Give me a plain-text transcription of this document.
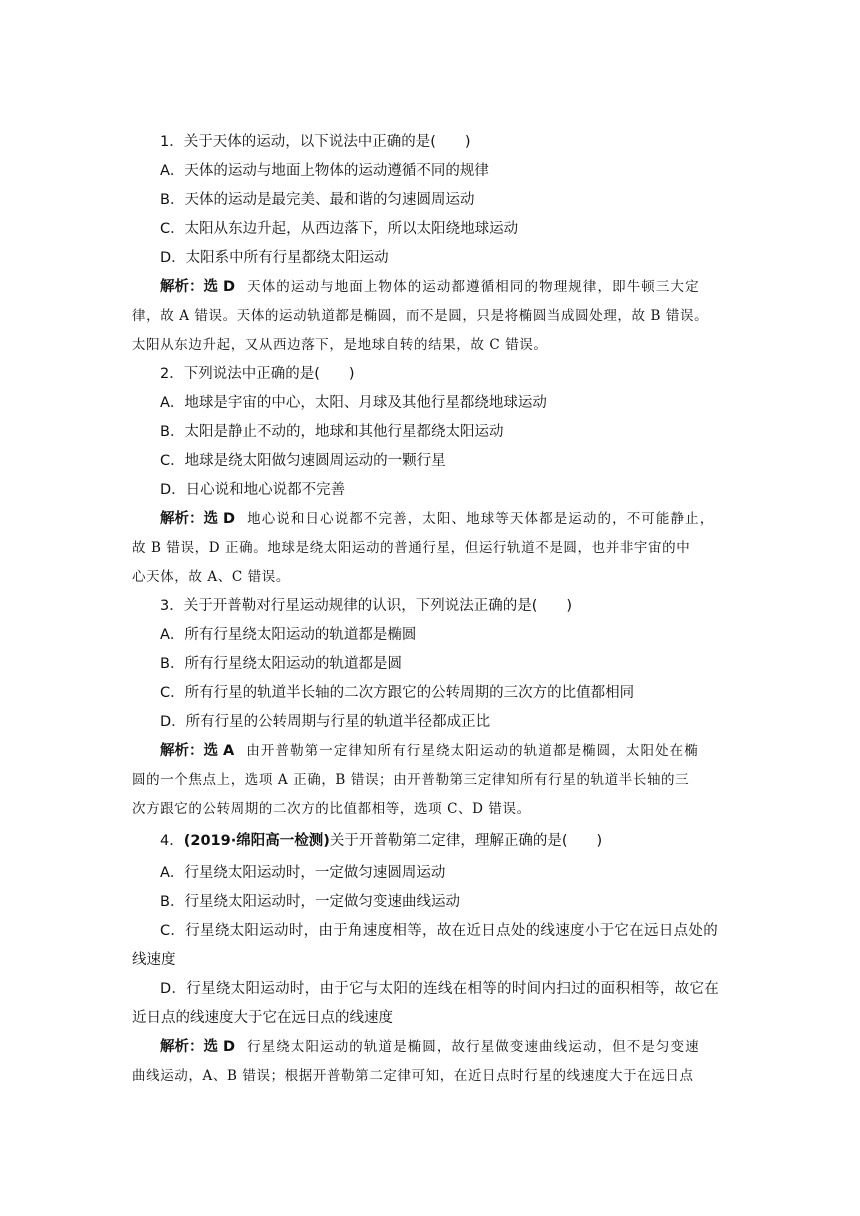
1．关于天体的运动，以下说法中正确的是(　　)
A．天体的运动与地面上物体的运动遵循不同的规律
B．天体的运动是最完美、最和谐的匀速圆周运动
C．太阳从东边升起，从西边落下，所以太阳绕地球运动
D．太阳系中所有行星都绕太阳运动
解析：选 D 天体的运动与地面上物体的运动都遵循相同的物理规律，即牛顿三大定
律，故 A 错误。天体的运动轨道都是椭圆，而不是圆，只是将椭圆当成圆处理，故 B 错误。
太阳从东边升起，又从西边落下，是地球自转的结果，故 C 错误。
2．下列说法中正确的是(　　)
A．地球是宇宙的中心，太阳、月球及其他行星都绕地球运动
B．太阳是静止不动的，地球和其他行星都绕太阳运动
C．地球是绕太阳做匀速圆周运动的一颗行星
D．日心说和地心说都不完善
解析：选 D 地心说和日心说都不完善，太阳、地球等天体都是运动的，不可能静止，
故 B 错误，D 正确。地球是绕太阳运动的普通行星，但运行轨道不是圆，也并非宇宙的中
心天体，故 A、C 错误。
3．关于开普勒对行星运动规律的认识，下列说法正确的是(　　)
A．所有行星绕太阳运动的轨道都是椭圆
B．所有行星绕太阳运动的轨道都是圆
C．所有行星的轨道半长轴的二次方跟它的公转周期的三次方的比值都相同
D．所有行星的公转周期与行星的轨道半径都成正比
解析：选 A 由开普勒第一定律知所有行星绕太阳运动的轨道都是椭圆，太阳处在椭
圆的一个焦点上，选项 A 正确，B 错误；由开普勒第三定律知所有行星的轨道半长轴的三
次方跟它的公转周期的二次方的比值都相等，选项 C、D 错误。
4．(2019·绵阳高一检测)关于开普勒第二定律，理解正确的是(　　)
A．行星绕太阳运动时，一定做匀速圆周运动
B．行星绕太阳运动时，一定做匀变速曲线运动
C．行星绕太阳运动时，由于角速度相等，故在近日点处的线速度小于它在远日点处的
线速度
D．行星绕太阳运动时，由于它与太阳的连线在相等的时间内扫过的面积相等，故它在
近日点的线速度大于它在远日点的线速度
解析：选 D 行星绕太阳运动的轨道是椭圆，故行星做变速曲线运动，但不是匀变速
曲线运动，A、B 错误；根据开普勒第二定律可知，在近日点时行星的线速度大于在远日点
